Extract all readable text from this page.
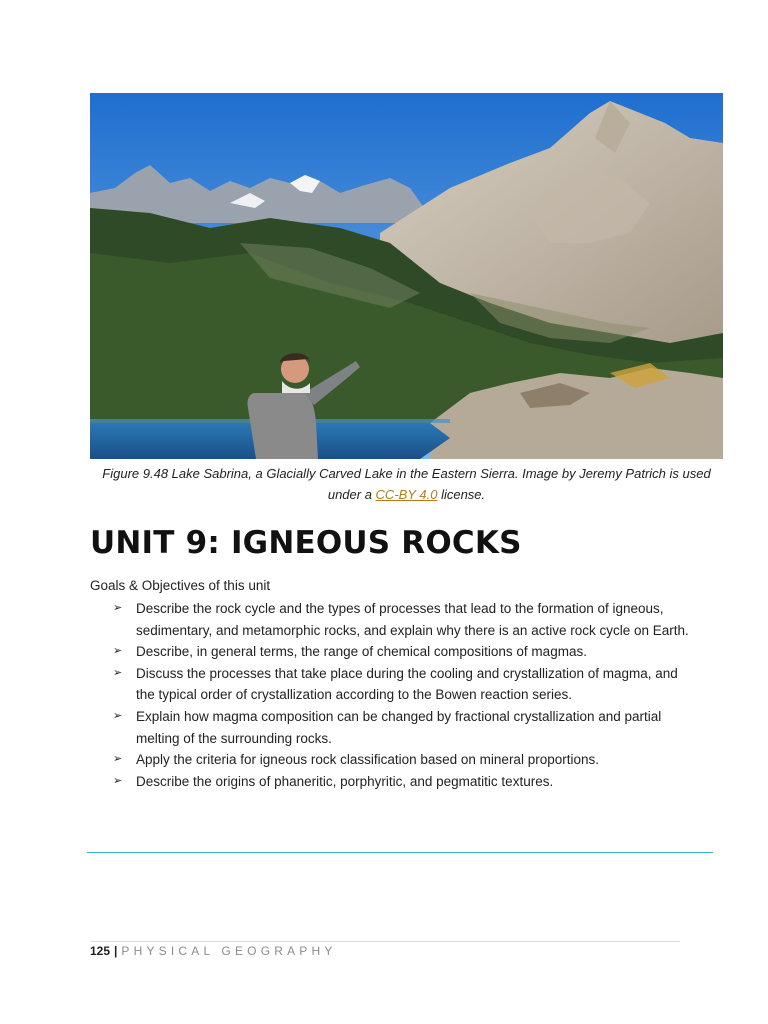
Figure 9.48 Lake Sabrina, a Glacially Carved Lake in the Eastern Sierra. Image by Jeremy Patrich is used under a CC-BY 4.0 license.
UNIT 9: IGNEOUS ROCKS
Goals & Objectives of this unit
➢ Describe the rock cycle and the types of processes that lead to the formation of igneous, sedimentary, and metamorphic rocks, and explain why there is an active rock cycle on Earth.
➢ Describe, in general terms, the range of chemical compositions of magmas.
➢ Discuss the processes that take place during the cooling and crystallization of magma, and the typical order of crystallization according to the Bowen reaction series.
➢ Explain how magma composition can be changed by fractional crystallization and partial melting of the surrounding rocks.
➢ Apply the criteria for igneous rock classification based on mineral proportions.
➢ Describe the origins of phaneritic, porphyritic, and pegmatitic textures.
125 | PHYSICAL GEOGRAPHY
